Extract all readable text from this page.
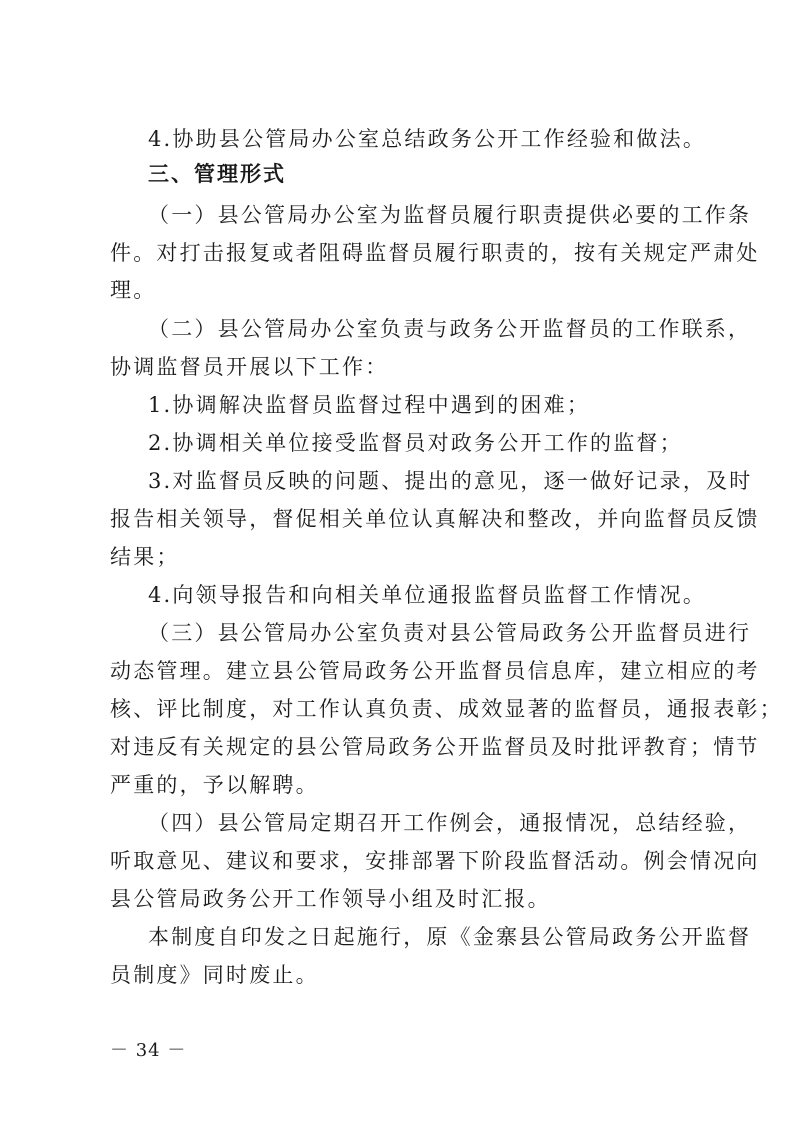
4.协助县公管局办公室总结政务公开工作经验和做法。
三、管理形式
（一）县公管局办公室为监督员履行职责提供必要的工作条
件。对打击报复或者阻碍监督员履行职责的，按有关规定严肃处
理。
（二）县公管局办公室负责与政务公开监督员的工作联系，
协调监督员开展以下工作：
1.协调解决监督员监督过程中遇到的困难；
2.协调相关单位接受监督员对政务公开工作的监督；
3.对监督员反映的问题、提出的意见，逐一做好记录，及时
报告相关领导，督促相关单位认真解决和整改，并向监督员反馈
结果；
4.向领导报告和向相关单位通报监督员监督工作情况。
（三）县公管局办公室负责对县公管局政务公开监督员进行
动态管理。建立县公管局政务公开监督员信息库，建立相应的考
核、评比制度，对工作认真负责、成效显著的监督员，通报表彰；
对违反有关规定的县公管局政务公开监督员及时批评教育；情节
严重的，予以解聘。
（四）县公管局定期召开工作例会，通报情况，总结经验，
听取意见、建议和要求，安排部署下阶段监督活动。例会情况向
县公管局政务公开工作领导小组及时汇报。
本制度自印发之日起施行，原《金寨县公管局政务公开监督
员制度》同时废止。
－ 34 －
